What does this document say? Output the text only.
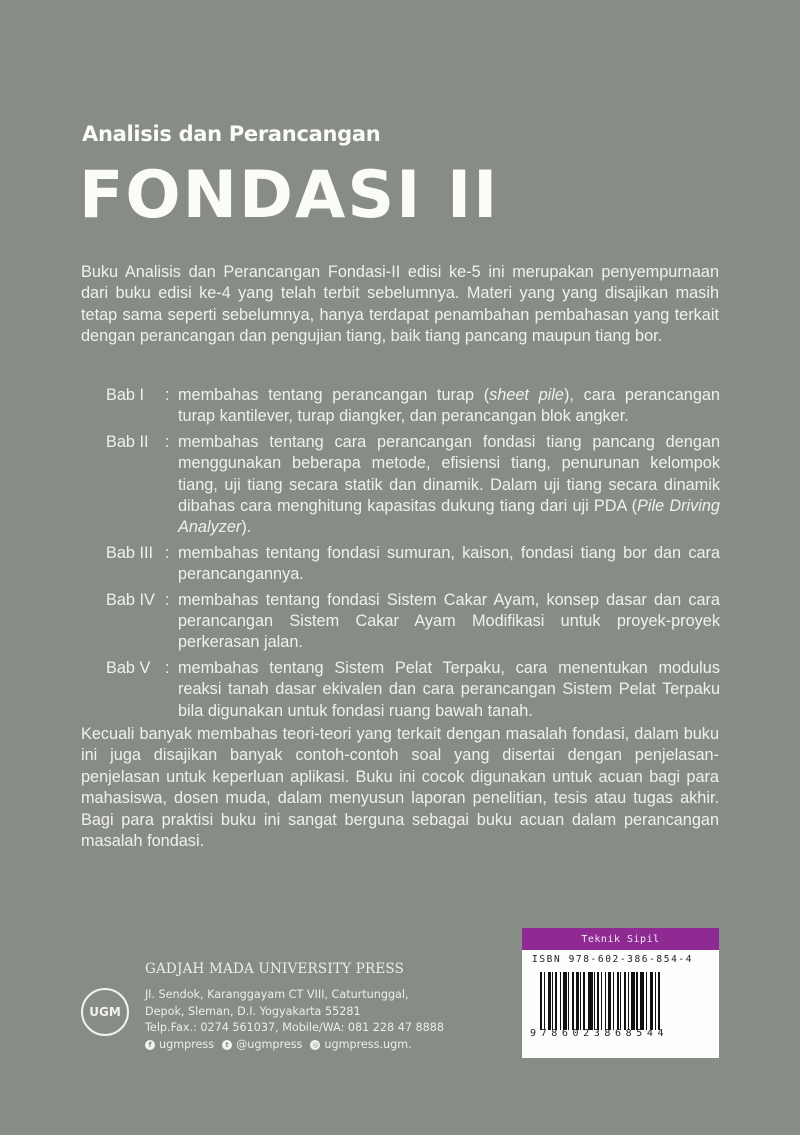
Analisis dan Perancangan
FONDASI II
Buku Analisis dan Perancangan Fondasi-II edisi ke-5 ini merupakan penyempurnaan dari buku edisi ke-4 yang telah terbit sebelumnya. Materi yang yang disajikan masih tetap sama seperti sebelumnya, hanya terdapat penambahan pembahasan yang terkait dengan perancangan dan pengujian tiang, baik tiang pancang maupun tiang bor.
Bab I	: membahas tentang perancangan turap (sheet pile), cara perancangan turap kantilever, turap diangker, dan perancangan blok angker.
Bab II	: membahas tentang cara perancangan fondasi tiang pancang dengan menggunakan beberapa metode, efisiensi tiang, penurunan kelompok tiang, uji tiang secara statik dan dinamik. Dalam uji tiang secara dinamik dibahas cara menghitung kapasitas dukung tiang dari uji PDA (Pile Driving Analyzer).
Bab III : membahas tentang fondasi sumuran, kaison, fondasi tiang bor dan cara perancangannya.
Bab IV : membahas tentang fondasi Sistem Cakar Ayam, konsep dasar dan cara perancangan Sistem Cakar Ayam Modifikasi untuk proyek-proyek perkerasan jalan.
Bab V : membahas tentang Sistem Pelat Terpaku, cara menentukan modulus reaksi tanah dasar ekivalen dan cara perancangan Sistem Pelat Terpaku bila digunakan untuk fondasi ruang bawah tanah.
Kecuali banyak membahas teori-teori yang terkait dengan masalah fondasi, dalam buku ini juga disajikan banyak contoh-contoh soal yang disertai dengan penjelasan-penjelasan untuk keperluan aplikasi. Buku ini cocok digunakan untuk acuan bagi para mahasiswa, dosen muda, dalam menyusun laporan penelitian, tesis atau tugas akhir. Bagi para praktisi buku ini sangat berguna sebagai buku acuan dalam perancangan masalah fondasi.
GADJAH MADA UNIVERSITY PRESS
UGM
Jl. Sendok, Karanggayam CT VIII, Caturtunggal,
Depok, Sleman, D.I. Yogyakarta 55281
Telp.Fax.: 0274 561037, Mobile/WA: 081 228 47 8888
f ugmpress	t @ugmpress ◎ ugmpress.ugm.
Teknik Sipil
ISBN 978-602-386-854-4
9786023868544
